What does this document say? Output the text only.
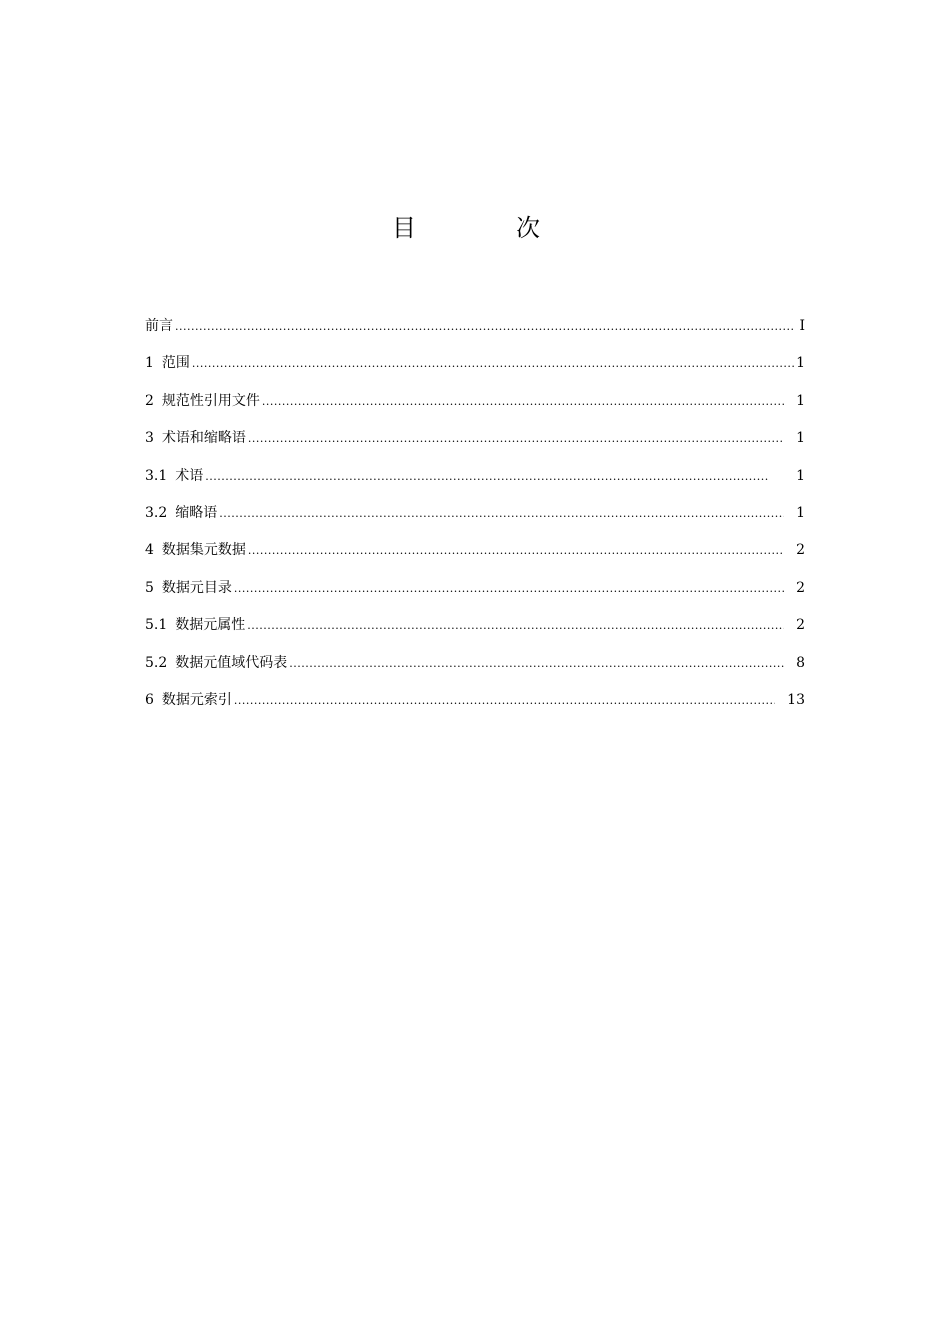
目　次
前言 .....	I
1 范围 .....	1
2 规范性引用文件 .....	1
3 术语和缩略语 .....	1
3.1 术语 .....	1
3.2 缩略语 .....	1
4 数据集元数据 .....	2
5 数据元目录 .....	2
5.1 数据元属性 .....	2
5.2 数据元值域代码表 .....	8
6 数据元索引 .....	13
